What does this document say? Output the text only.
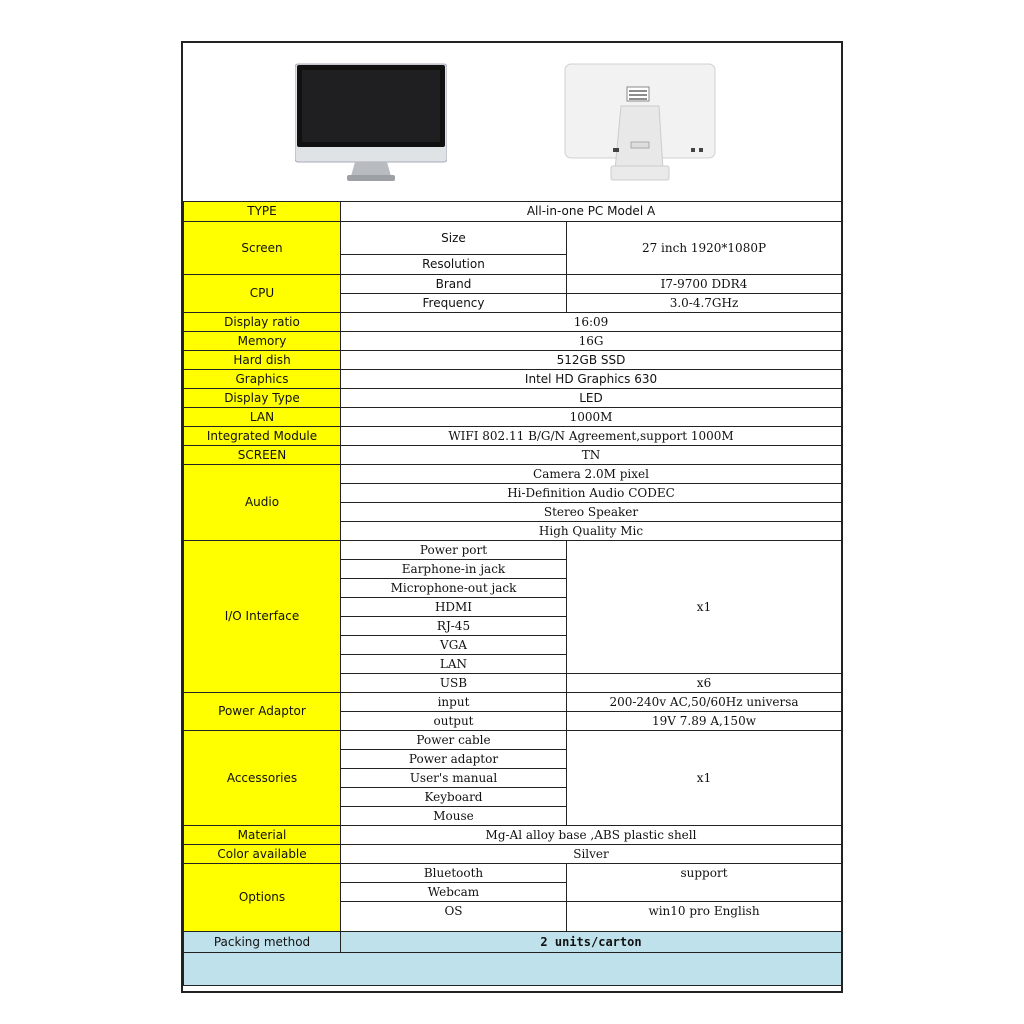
TYPE	All-in-one PC Model A	
Screen	Size	27 inch 1920*1080P
	Resolution	
CPU	Brand	I7-9700 DDR4
	Frequency	3.0-4.7GHz
Display ratio	16:09	
Memory	16G	
Hard dish	512GB SSD	
Graphics	Intel HD Graphics 630	
Display Type	LED	
LAN	1000M	
Integrated Module	WIFI 802.11 B/G/N Agreement,support 1000M	
SCREEN	TN	
Audio	Camera 2.0M pixel	
	Hi-Definition Audio CODEC	
	Stereo Speaker	
	High Quality Mic	
I/O Interface	Power port	x1
	Earphone-in jack	
	Microphone-out jack	
	HDMI	
	RJ-45	
	VGA	
	LAN	
	USB	x6
Power Adaptor	input	200-240v AC,50/60Hz universa
	output	19V 7.89 A,150w
Accessories	Power cable	x1
	Power adaptor	
	User's manual	
	Keyboard	
	Mouse	
Material	Mg-Al alloy base ,ABS plastic shell	
Color available	Silver	
Options	Bluetooth	support
	Webcam	
	OS	win10 pro English
Packing method	2 units/carton	
